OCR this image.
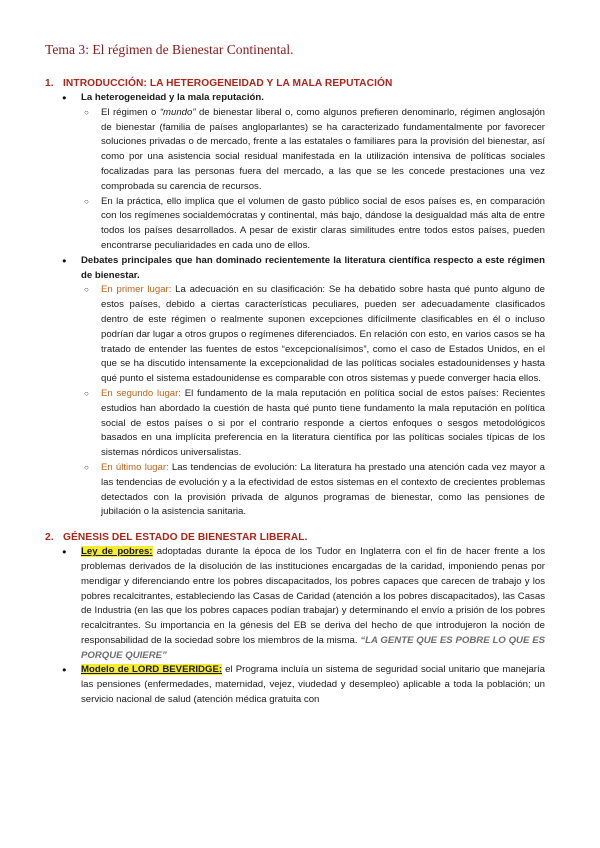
Tema 3: El régimen de Bienestar Continental.
1. INTRODUCCIÓN: LA HETEROGENEIDAD Y LA MALA REPUTACIÓN
● La heterogeneidad y la mala reputación.
○ El régimen o “mundo” de bienestar liberal o, como algunos prefieren denominarlo, régimen anglosajón de bienestar (familia de países angloparlantes) se ha caracterizado fundamentalmente por favorecer soluciones privadas o de mercado, frente a las estatales o familiares para la provisión del bienestar, así como por una asistencia social residual manifestada en la utilización intensiva de políticas sociales focalizadas para las personas fuera del mercado, a las que se les concede prestaciones una vez comprobada su carencia de recursos.
○ En la práctica, ello implica que el volumen de gasto público social de esos países es, en comparación con los regímenes socialdemócratas y continental, más bajo, dándose la desigualdad más alta de entre todos los países desarrollados. A pesar de existir claras similitudes entre todos estos países, pueden encontrarse peculiaridades en cada uno de ellos.
● Debates principales que han dominado recientemente la literatura científica respecto a este régimen de bienestar.
○ En primer lugar: La adecuación en su clasificación: Se ha debatido sobre hasta qué punto alguno de estos países, debido a ciertas características peculiares, pueden ser adecuadamente clasificados dentro de este régimen o realmente suponen excepciones difícilmente clasificables en él o incluso podrían dar lugar a otros grupos o regímenes diferenciados. En relación con esto, en varios casos se ha tratado de entender las fuentes de estos “excepcionalísimos”, como el caso de Estados Unidos, en el que se ha discutido intensamente la excepcionalidad de las políticas sociales estadounidenses y hasta qué punto el sistema estadounidense es comparable con otros sistemas y puede converger hacia ellos.
○ En segundo lugar: El fundamento de la mala reputación en política social de estos países: Recientes estudios han abordado la cuestión de hasta qué punto tiene fundamento la mala reputación en política social de estos países o si por el contrario responde a ciertos enfoques o sesgos metodológicos basados en una implícita preferencia en la literatura científica por las políticas sociales típicas de los sistemas nórdicos universalistas.
○ En último lugar: Las tendencias de evolución: La literatura ha prestado una atención cada vez mayor a las tendencias de evolución y a la efectividad de estos sistemas en el contexto de crecientes problemas detectados con la provisión privada de algunos programas de bienestar, como las pensiones de jubilación o la asistencia sanitaria.
2. GÉNESIS DEL ESTADO DE BIENESTAR LIBERAL.
● Ley de pobres: adoptadas durante la época de los Tudor en Inglaterra con el fin de hacer frente a los problemas derivados de la disolución de las instituciones encargadas de la caridad, imponiendo penas por mendigar y diferenciando entre los pobres discapacitados, los pobres capaces que carecen de trabajo y los pobres recalcitrantes, estableciendo las Casas de Caridad (atención a los pobres discapacitados), las Casas de Industria (en las que los pobres capaces podían trabajar) y determinando el envío a prisión de los pobres recalcitrantes. Su importancia en la génesis del EB se deriva del hecho de que introdujeron la noción de responsabilidad de la sociedad sobre los miembros de la misma. “LA GENTE QUE ES POBRE LO QUE ES PORQUE QUIERE”
● Modelo de LORD BEVERIDGE: el Programa incluía un sistema de seguridad social unitario que manejaría las pensiones (enfermedades, maternidad, vejez, viudedad y desempleo) aplicable a toda la población; un servicio nacional de salud (atención médica gratuita con
